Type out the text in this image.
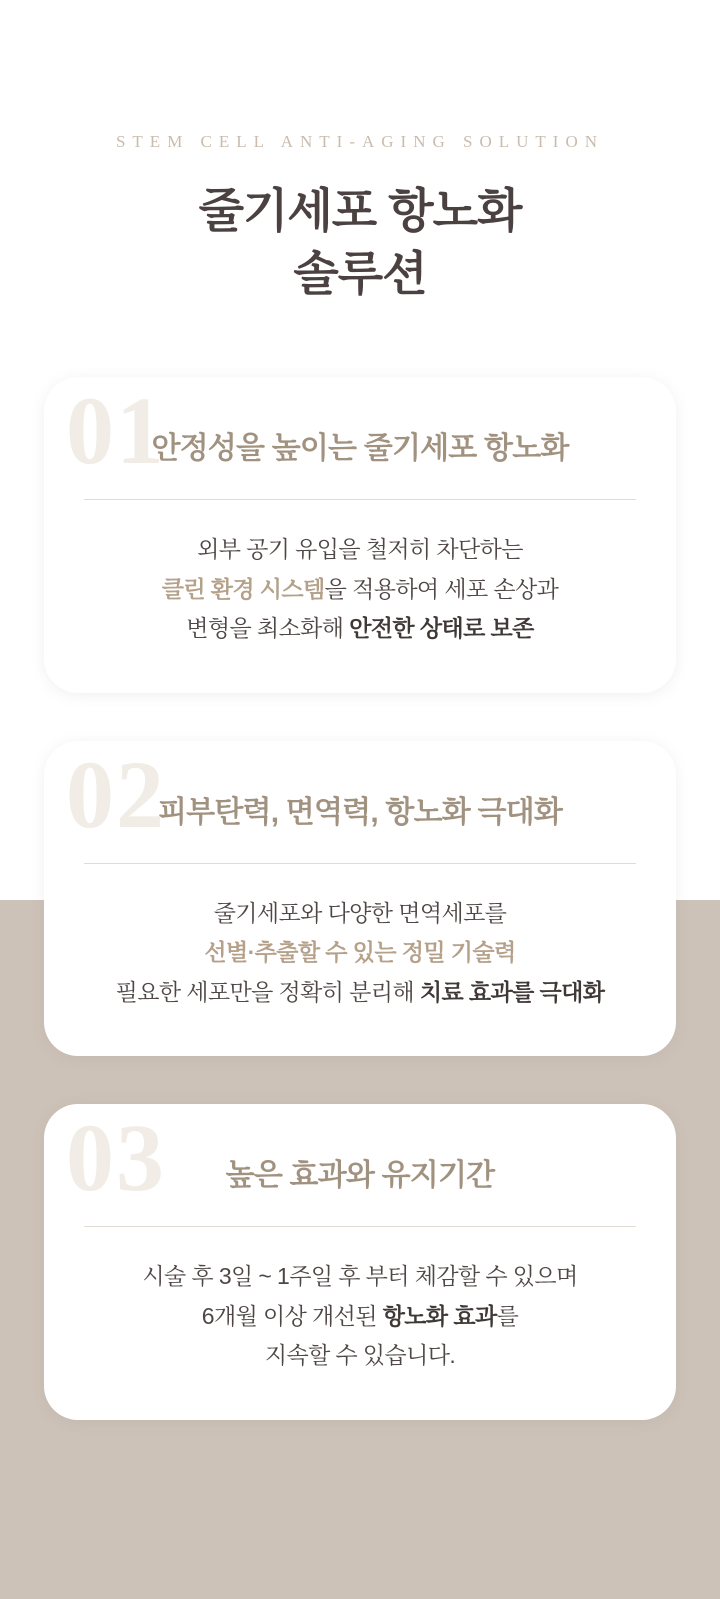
STEM CELL ANTI-AGING SOLUTION
줄기세포 항노화
솔루션
01
안정성을 높이는 줄기세포 항노화
외부 공기 유입을 철저히 차단하는
클린 환경 시스템을 적용하여 세포 손상과
변형을 최소화해 안전한 상태로 보존
02
피부탄력, 면역력, 항노화 극대화
줄기세포와 다양한 면역세포를
선별·추출할 수 있는 정밀 기술력
필요한 세포만을 정확히 분리해 치료 효과를 극대화
03	높은 효과와 유지기간
시술 후 3일 ~ 1주일 후 부터 체감할 수 있으며
6개월 이상 개선된 항노화 효과를
지속할 수 있습니다.
